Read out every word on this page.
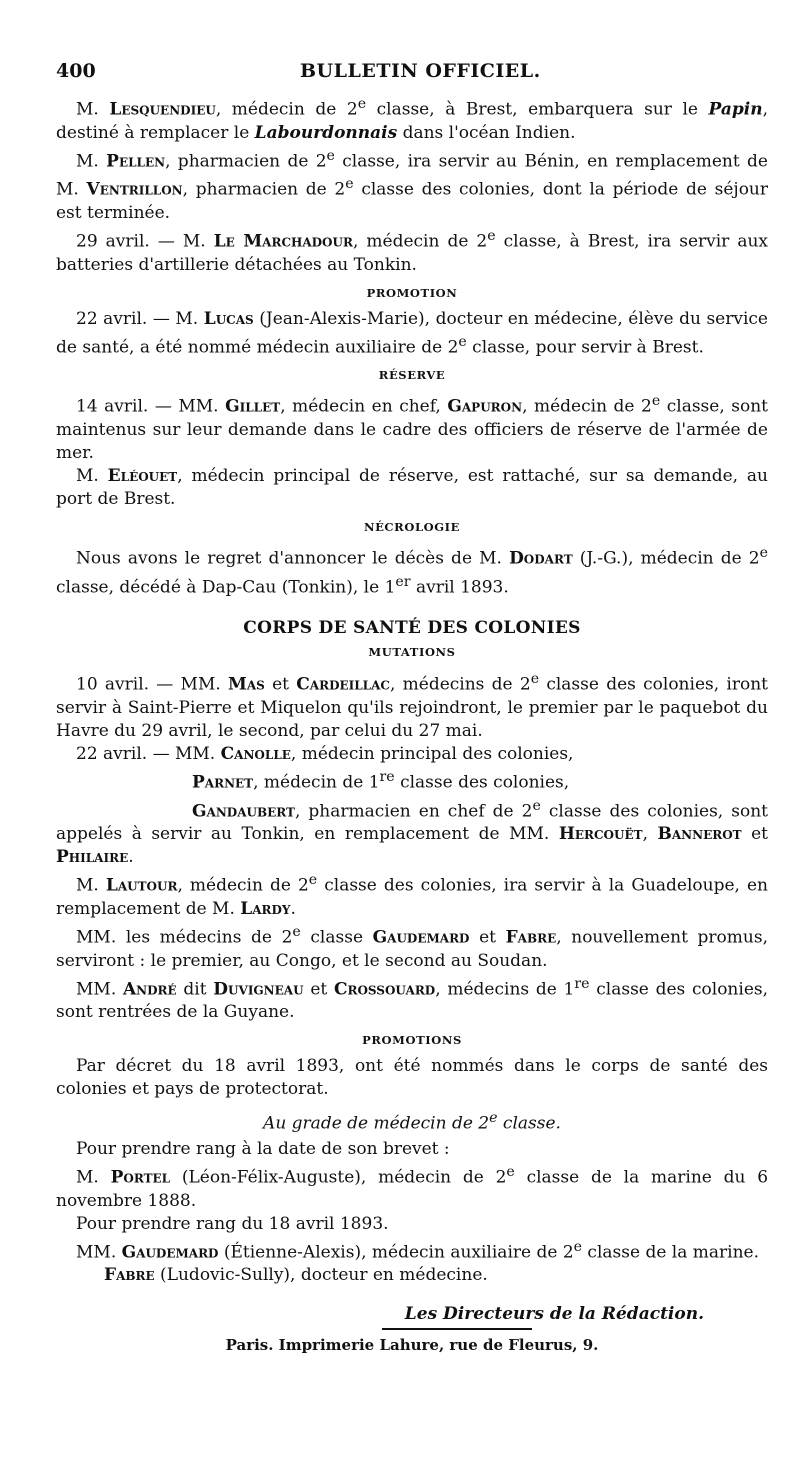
400	BULLETIN OFFICIEL.

M. Lesquendieu, médecin de 2e classe, à Brest, embarquera sur le Papin, destiné à remplacer le Labourdonnais dans l'océan Indien.

M. Pellen, pharmacien de 2e classe, ira servir au Bénin, en remplacement de M. Ventrillon, pharmacien de 2e classe des colonies, dont la période de séjour est terminée.

29 avril. — M. Le Marchadour, médecin de 2e classe, à Brest, ira servir aux batteries d'artillerie détachées au Tonkin.

PROMOTION

22 avril. — M. Lucas (Jean-Alexis-Marie), docteur en médecine, élève du service de santé, a été nommé médecin auxiliaire de 2e classe, pour servir à Brest.

RÉSERVE

14 avril. — MM. Gillet, médecin en chef, Gapuron, médecin de 2e classe, sont maintenus sur leur demande dans le cadre des officiers de réserve de l'armée de mer.

M. Eléouet, médecin principal de réserve, est rattaché, sur sa demande, au port de Brest.

NÉCROLOGIE

Nous avons le regret d'annoncer le décès de M. Dodart (J.-G.), médecin de 2e classe, décédé à Dap-Cau (Tonkin), le 1er avril 1893.

CORPS DE SANTÉ DES COLONIES
MUTATIONS

10 avril. — MM. Mas et Cardeillac, médecins de 2e classe des colonies, iront servir à Saint-Pierre et Miquelon qu'ils rejoindront, le premier par le paquebot du Havre du 29 avril, le second, par celui du 27 mai.

22 avril. — MM. Canolle, médecin principal des colonies,

Parnet, médecin de 1re classe des colonies,

Gandaubert, pharmacien en chef de 2e classe des colonies, sont appelés à servir au Tonkin, en remplacement de MM. Hercouët, Bannerot et Philaire.

M. Lautour, médecin de 2e classe des colonies, ira servir à la Guadeloupe, en remplacement de M. Lardy.

MM. les médecins de 2e classe Gaudemard et Fabre, nouvellement promus, serviront : le premier, au Congo, et le second au Soudan.

MM. André dit Duvigneau et Crossouard, médecins de 1re classe des colonies, sont rentrées de la Guyane.

PROMOTIONS

Par décret du 18 avril 1893, ont été nommés dans le corps de santé des colonies et pays de protectorat.

Au grade de médecin de 2e classe.

Pour prendre rang à la date de son brevet :

M. Portel (Léon-Félix-Auguste), médecin de 2e classe de la marine du 6 novembre 1888.

Pour prendre rang du 18 avril 1893.

MM. Gaudemard (Étienne-Alexis), médecin auxiliaire de 2e classe de la marine.

Fabre (Ludovic-Sully), docteur en médecine.

Les Directeurs de la Rédaction.
Paris. Imprimerie Lahure, rue de Fleurus, 9.
